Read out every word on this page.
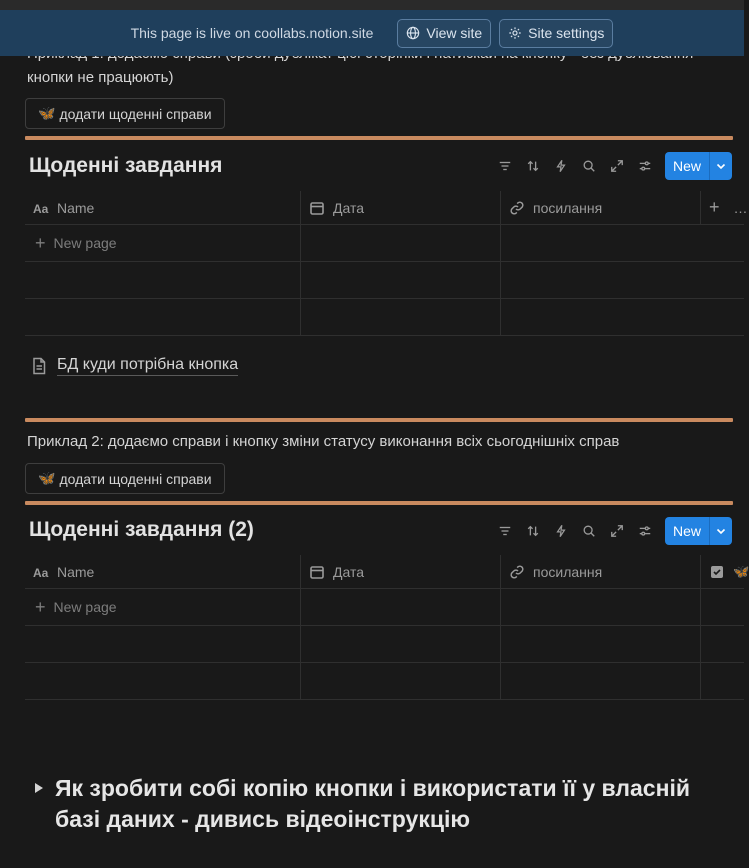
This page is live on coollabs.notion.site	View site	Site settings
кнопки не працюють)
🦋 додати щоденні справи
Щоденні завдання	New
Aa Name	Дата	посилання	+ …
+ New page
БД куди потрібна кнопка
Приклад 2: додаємо справи і кнопку зміни статусу виконання всіх сьогоднішніх справ
🦋 додати щоденні справи
Щоденні завдання (2)	New
Aa Name	Дата	посилання	🦋
+ New page
Як зробити собі копію кнопки і використати її у власній
базі даних - дивись відеоінструкцію
